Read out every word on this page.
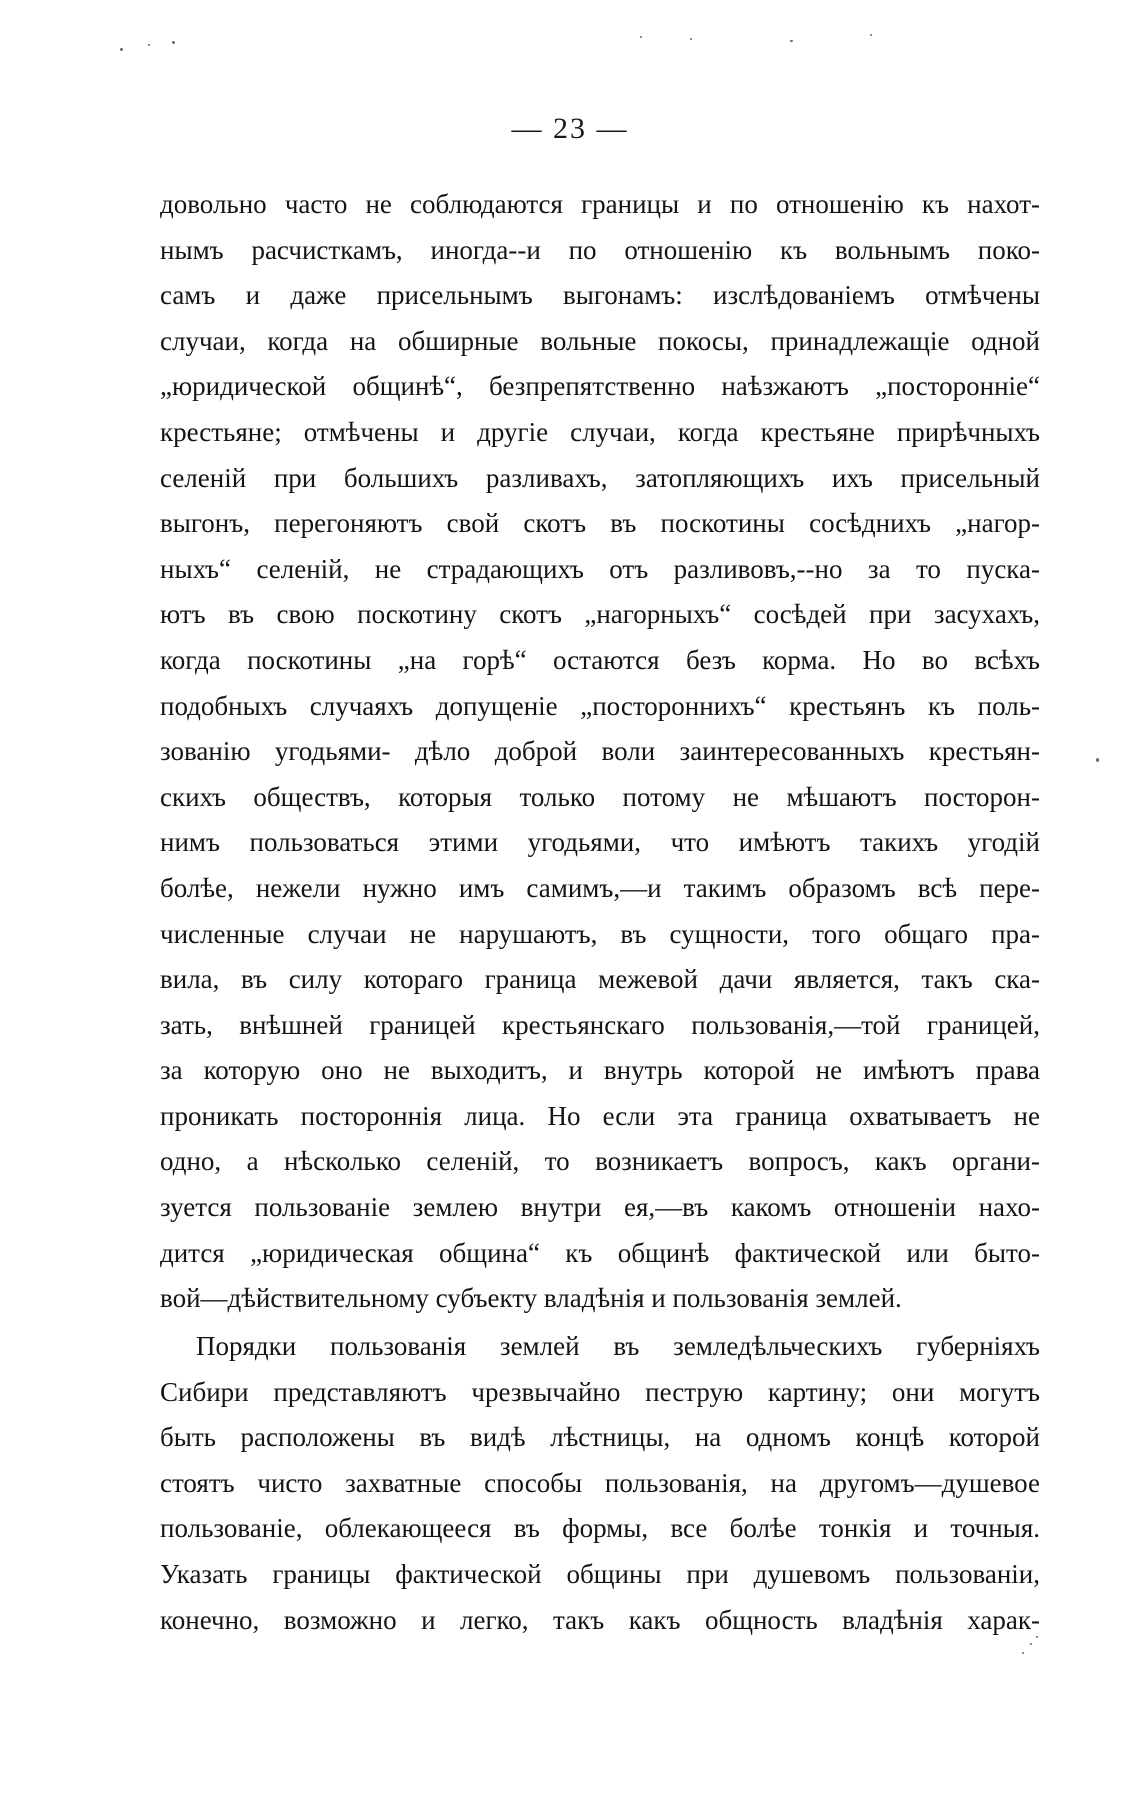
— 23 —
довольно часто не соблюдаются границы и по отношенію къ нахот-
нымъ расчисткамъ, иногда--и по отношенію къ вольнымъ поко-
самъ и даже присельнымъ выгонамъ: изслѣдованіемъ отмѣчены
случаи, когда на обширные вольные покосы, принадлежащіе одной
„юридической общинѣ“, безпрепятственно наѣзжаютъ „посторонніе“
крестьяне; отмѣчены и другіе случаи, когда крестьяне приpѣчныхъ
селеній при большихъ разливахъ, затопляющихъ ихъ присельный
выгонъ, перегоняютъ свой скотъ въ поскотины сосѣднихъ „нагор-
ныхъ“ селеній, не страдающихъ отъ разливовъ,--но за то пуска-
ютъ въ свою поскотину скотъ „нагорныхъ“ сосѣдей при засухахъ,
когда поскотины „на горѣ“ остаются безъ корма. Но во всѣхъ
подобныхъ случаяхъ допущеніе „постороннихъ“ крестьянъ къ поль-
зованію угодьями- дѣло доброй воли заинтересованныхъ крестьян-
скихъ обществъ, которыя только потому не мѣшаютъ посторон-
нимъ пользоваться этими угодьями, что имѣютъ такихъ угодій
болѣе, нежели нужно имъ самимъ,—и такимъ образомъ всѣ пере-
численные случаи не нарушаютъ, въ сущности, того общаго пра-
вила, въ силу котораго граница межевой дачи является, такъ ска-
зать, внѣшней границей крестьянскаго пользованія,—той границей,
за которую оно не выходитъ, и внутрь которой не имѣютъ права
проникать постороннія лица. Но если эта граница охватываетъ не
одно, а нѣсколько селеній, то возникаетъ вопросъ, какъ органи-
зуется пользованіе землею внутри ея,—въ какомъ отношеніи нахо-
дится „юридическая община“ къ общинѣ фактической или быто-
вой—дѣйствительному субъекту владѣнія и пользованія землей.
Порядки пользованія землей въ земледѣльческихъ губерніяхъ
Сибири представляютъ чрезвычайно пеструю картину; они могутъ
быть расположены въ видѣ лѣстницы, на одномъ концѣ которой
стоятъ чисто захватные способы пользованія, на другомъ—душевое
пользованіе, облекающееся въ формы, все болѣе тонкія и точныя.
Указать границы фактической общины при душевомъ пользованіи,
конечно, возможно и легко, такъ какъ общность владѣнія харак-
